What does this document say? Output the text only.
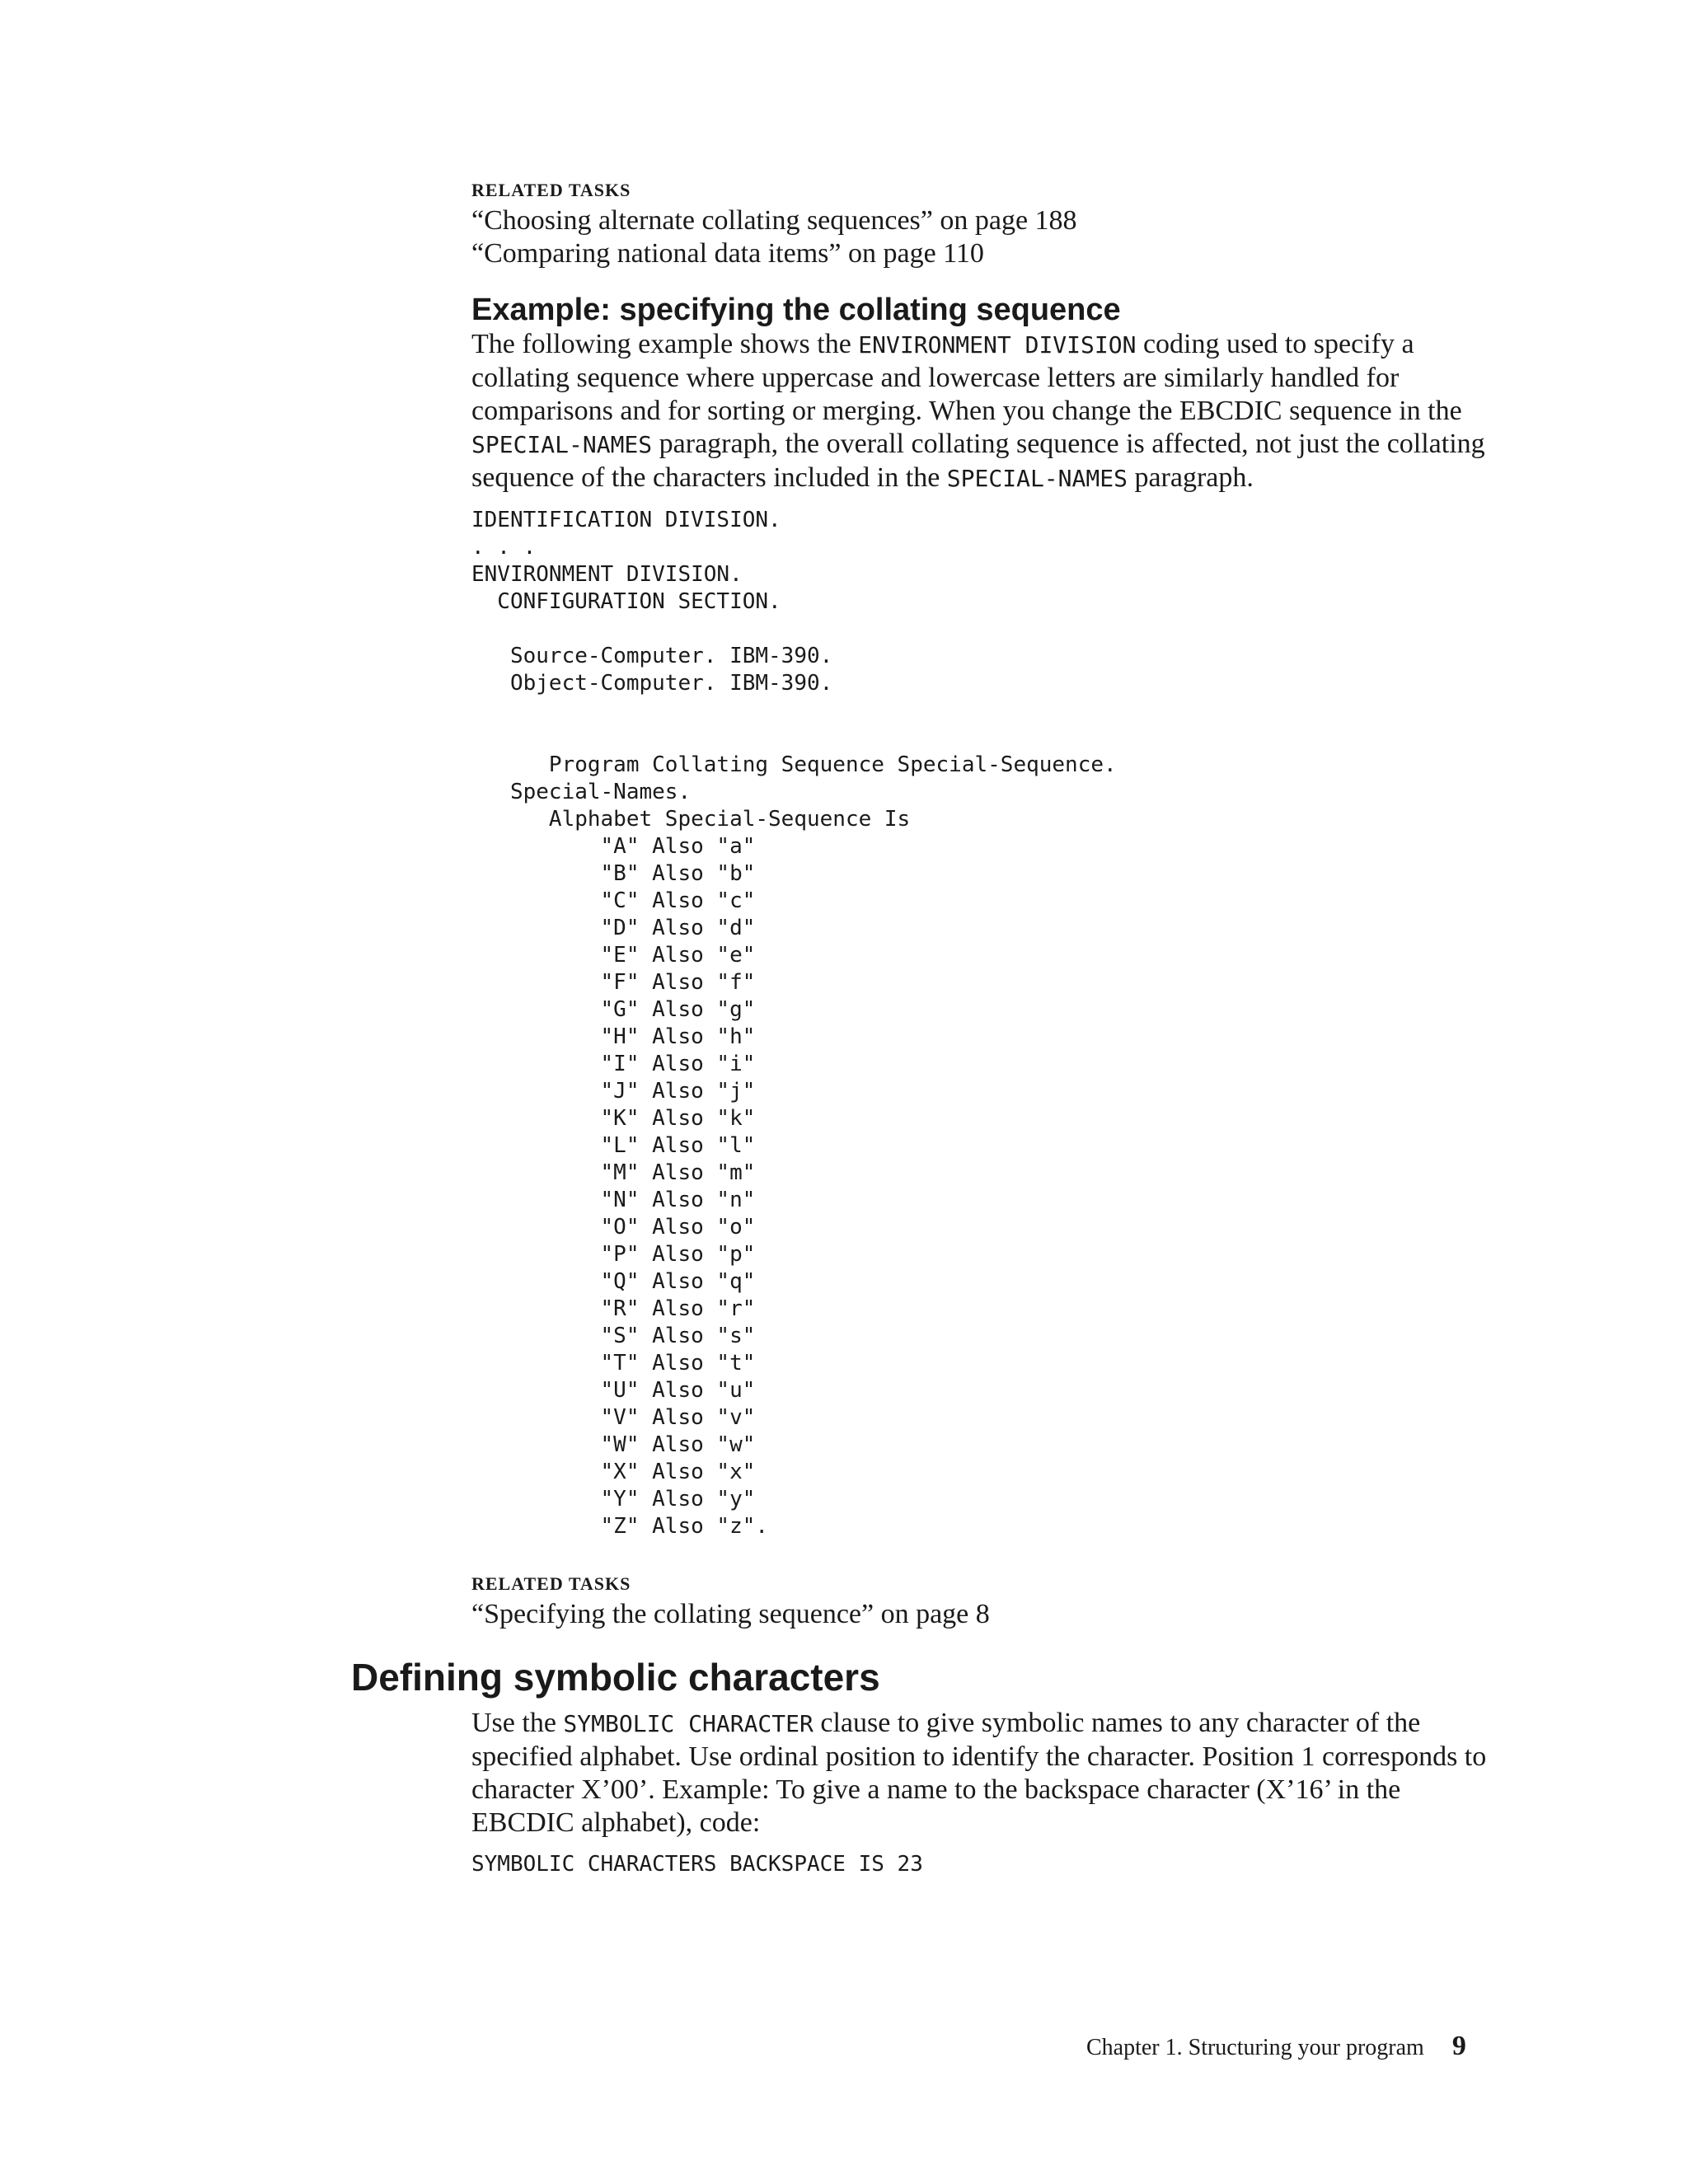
RELATED TASKS

“Choosing alternate collating sequences” on page 188

“Comparing national data items” on page 110

Example: specifying the collating sequence

The following example shows the ENVIRONMENT DIVISION coding used to specify a collating sequence where uppercase and lowercase letters are similarly handled for comparisons and for sorting or merging. When you change the EBCDIC sequence in the SPECIAL-NAMES paragraph, the overall collating sequence is affected, not just the collating sequence of the characters included in the SPECIAL-NAMES paragraph.

IDENTIFICATION DIVISION.
. . .
ENVIRONMENT DIVISION.
CONFIGURATION SECTION.

Source-Computer. IBM-390.
Object-Computer. IBM-390.

Program Collating Sequence Special-Sequence.
Special-Names.
Alphabet Special-Sequence Is
"A" Also "a"
"B" Also "b"
"C" Also "c"
"D" Also "d"
"E" Also "e"
"F" Also "f"
"G" Also "g"
"H" Also "h"
"I" Also "i"
"J" Also "j"
"K" Also "k"
"L" Also "l"
"M" Also "m"
"N" Also "n"
"O" Also "o"
"P" Also "p"
"Q" Also "q"
"R" Also "r"
"S" Also "s"
"T" Also "t"
"U" Also "u"
"V" Also "v"
"W" Also "w"
"X" Also "x"
"Y" Also "y"
"Z" Also "z".
RELATED TASKS

“Specifying the collating sequence” on page 8

Defining symbolic characters

Use the SYMBOLIC CHARACTER clause to give symbolic names to any character of the specified alphabet. Use ordinal position to identify the character. Position 1 corresponds to character X’00’. Example: To give a name to the backspace character (X’16’ in the EBCDIC alphabet), code:

SYMBOLIC CHARACTERS BACKSPACE IS 23
Chapter 1. Structuring your program 9
